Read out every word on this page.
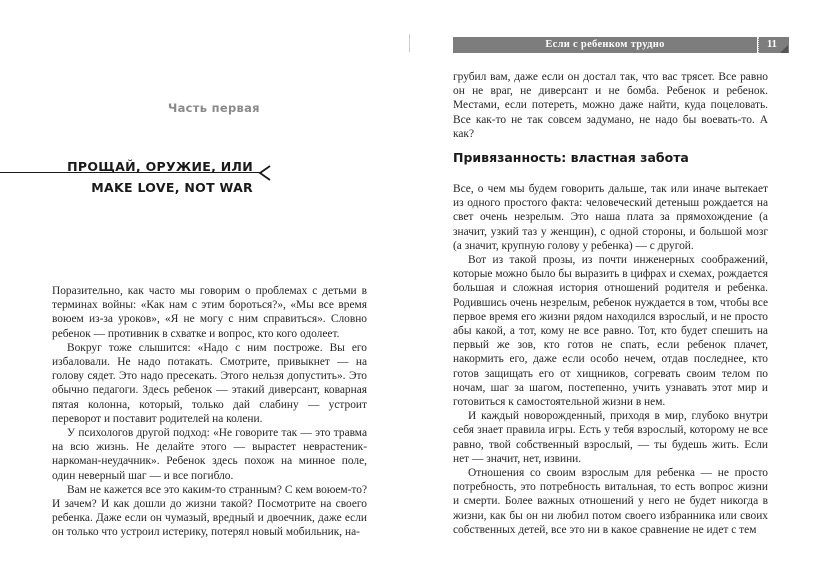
Часть первая
ПРОЩАЙ, ОРУЖИЕ, ИЛИ
MAKE LOVE, NOT WAR

Поразительно, как часто мы говорим о проблемах с детьми в терминах войны: «Как нам с этим бороться?», «Мы все время воюем из-за уроков», «Я не могу с ним справиться». Словно ребенок — противник в схватке и вопрос, кто кого одолеет.

Вокруг тоже слышится: «Надо с ним построже. Вы его избаловали. Не надо потакать. Смотрите, привыкнет — на голову сядет. Это надо пресекать. Этого нельзя допустить». Это обычно педагоги. Здесь ребенок — этакий диверсант, коварная пятая колонна, который, только дай слабину — устроит переворот и поставит родителей на колени.

У психологов другой подход: «Не говорите так — это травма на всю жизнь. Не делайте этого — вырастет неврастеник-наркоман-неудачник». Ребенок здесь похож на минное поле, один неверный шаг — и все погибло.

Вам не кажется все это каким-то странным? С кем воюем-то? И зачем? И как дошли до жизни такой? Посмотрите на своего ребенка. Даже если он чумазый, вредный и двоечник, даже если он только что устроил истерику, потерял новый мобильник, на-

Если с ребенком трудно	11

грубил вам, даже если он достал так, что вас трясет. Все равно он не враг, не диверсант и не бомба. Ребенок и ребенок. Местами, если потереть, можно даже найти, куда поцеловать. Все как-то не так совсем задумано, не надо бы воевать-то. А как?

Привязанность: властная забота

Все, о чем мы будем говорить дальше, так или иначе вытекает из одного простого факта: человеческий детеныш рождается на свет очень незрелым. Это наша плата за прямохождение (а значит, узкий таз у женщин), с одной стороны, и большой мозг (а значит, крупную голову у ребенка) — с другой.

Вот из такой прозы, из почти инженерных соображений, которые можно было бы выразить в цифрах и схемах, рождается большая и сложная история отношений родителя и ребенка. Родившись очень незрелым, ребенок нуждается в том, чтобы все первое время его жизни рядом находился взрослый, и не просто абы какой, а тот, кому не все равно. Тот, кто будет спешить на первый же зов, кто готов не спать, если ребенок плачет, накормить его, даже если особо нечем, отдав последнее, кто готов защищать его от хищников, согревать своим телом по ночам, шаг за шагом, постепенно, учить узнавать этот мир и готовиться к самостоятельной жизни в нем.

И каждый новорожденный, приходя в мир, глубоко внутри себя знает правила игры. Есть у тебя взрослый, которому не все равно, твой собственный взрослый, — ты будешь жить. Если нет — значит, нет, извини.

Отношения со своим взрослым для ребенка — не просто потребность, это потребность витальная, то есть вопрос жизни и смерти. Более важных отношений у него не будет никогда в жизни, как бы он ни любил потом своего избранника или своих собственных детей, все это ни в какое сравнение не идет с тем
